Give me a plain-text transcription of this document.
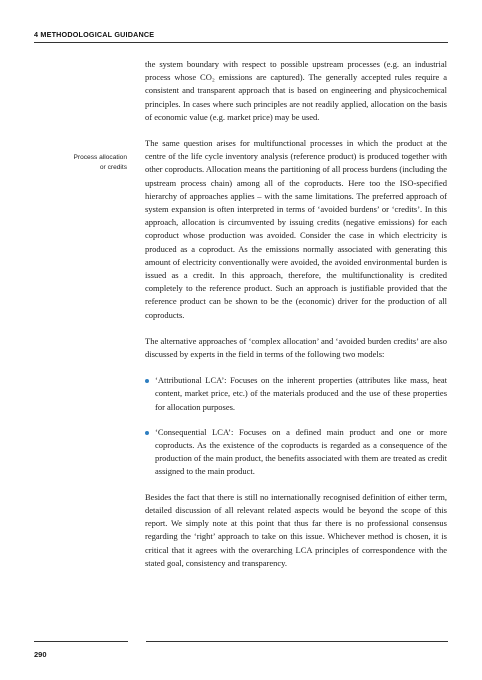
4 METHODOLOGICAL GUIDANCE
Process allocation
or credits

the system boundary with respect to possible upstream processes (e.g. an industrial process whose CO₂ emissions are captured). The generally accepted rules require a consistent and transparent approach that is based on engineering and physicochemical principles. In cases where such principles are not readily applied, allocation on the basis of economic value (e.g. market price) may be used.

The same question arises for multifunctional processes in which the product at the centre of the life cycle inventory analysis (reference product) is produced together with other coproducts. Allocation means the partitioning of all process burdens (including the upstream process chain) among all of the coproducts. Here too the ISO-specified hierarchy of approaches applies – with the same limitations. The preferred approach of system expansion is often interpreted in terms of ‘avoided burdens’ or ‘credits’. In this approach, allocation is circumvented by issuing credits (negative emissions) for each coproduct whose production was avoided. Consider the case in which electricity is produced as a coproduct. As the emissions normally associated with generating this amount of electricity conventionally were avoided, the avoided environmental burden is issued as a credit. In this approach, therefore, the multifunctionality is credited completely to the reference product. Such an approach is justifiable provided that the reference product can be shown to be the (economic) driver for the production of all coproducts.

The alternative approaches of ‘complex allocation’ and ‘avoided burden credits’ are also discussed by experts in the field in terms of the following two models:

‘Attributional LCA’: Focuses on the inherent properties (attributes like mass, heat content, market price, etc.) of the materials produced and the use of these properties for allocation purposes.
‘Consequential LCA’: Focuses on a defined main product and one or more coproducts. As the existence of the coproducts is regarded as a consequence of the production of the main product, the benefits associated with them are treated as credit assigned to the main product.

Besides the fact that there is still no internationally recognised definition of either term, detailed discussion of all relevant related aspects would be beyond the scope of this report. We simply note at this point that thus far there is no professional consensus regarding the ‘right’ approach to take on this issue. Whichever method is chosen, it is critical that it agrees with the overarching LCA principles of correspondence with the stated goal, consistency and transparency.

290
